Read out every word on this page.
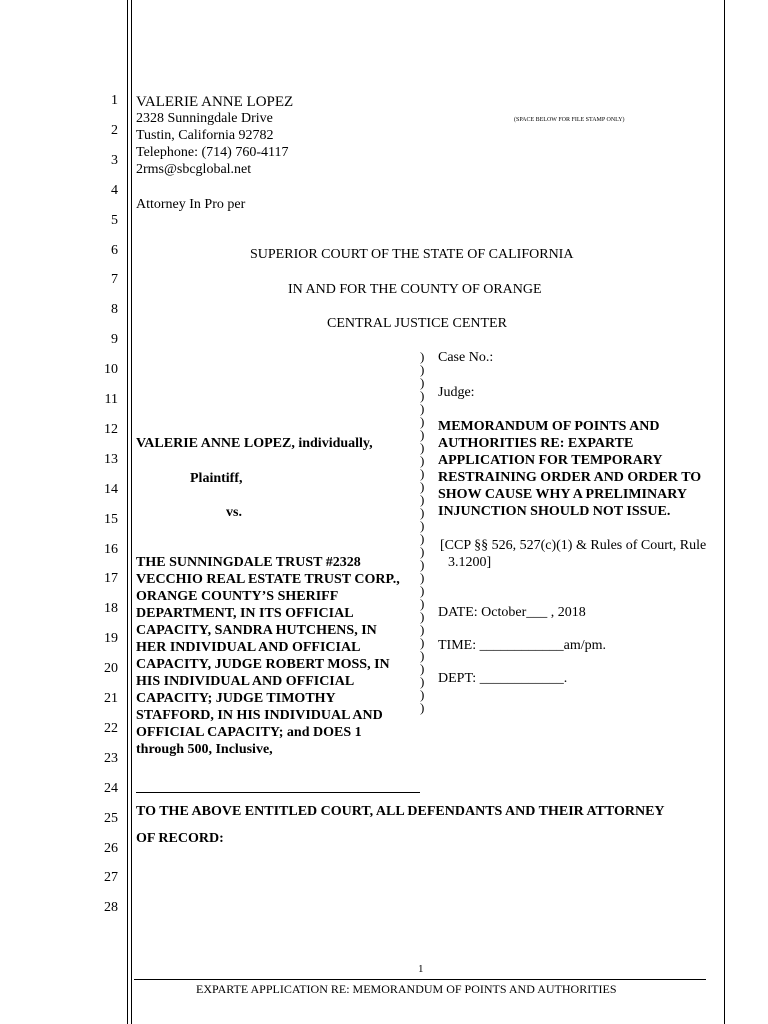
1
2
3
4
5
6
7
8
9
10
11
12
13
14
15
16
17
18
19
20
21
22
23
24
25
26
27
28
VALERIE ANNE LOPEZ
2328 Sunningdale Drive
Tustin, California 92782
Telephone: (714) 760-4117
2rms@sbcglobal.net
Attorney In Pro per
(SPACE BELOW FOR FILE STAMP ONLY)
SUPERIOR COURT OF THE STATE OF CALIFORNIA
IN AND FOR THE COUNTY OF ORANGE
CENTRAL JUSTICE CENTER
)
)
)
)
)
)
)
)
)
)
)
)
)
)
)
)
)
)
)
)
)
)
)
)
)
)
)
)
VALERIE ANNE LOPEZ, individually,
Plaintiff,
vs.
THE SUNNINGDALE TRUST #2328
VECCHIO REAL ESTATE TRUST CORP.,
ORANGE COUNTY’S SHERIFF
DEPARTMENT, IN ITS OFFICIAL
CAPACITY, SANDRA HUTCHENS, IN
HER INDIVIDUAL AND OFFICIAL
CAPACITY, JUDGE ROBERT MOSS, IN
HIS INDIVIDUAL AND OFFICIAL
CAPACITY; JUDGE TIMOTHY
STAFFORD, IN HIS INDIVIDUAL AND
OFFICIAL CAPACITY; and DOES 1
through 500, Inclusive,
Case No.:
Judge:
MEMORANDUM OF POINTS AND
AUTHORITIES RE: EXPARTE
APPLICATION FOR TEMPORARY
RESTRAINING ORDER AND ORDER TO
SHOW CAUSE WHY A PRELIMINARY
INJUNCTION SHOULD NOT ISSUE.
[CCP §§ 526, 527(c)(1) & Rules of Court, Rule
3.1200]
DATE: October___ , 2018
TIME: ____________am/pm.
DEPT: ____________.
TO THE ABOVE ENTITLED COURT, ALL DEFENDANTS AND THEIR ATTORNEY
OF RECORD:
1
EXPARTE APPLICATION RE: MEMORANDUM OF POINTS AND AUTHORITIES
